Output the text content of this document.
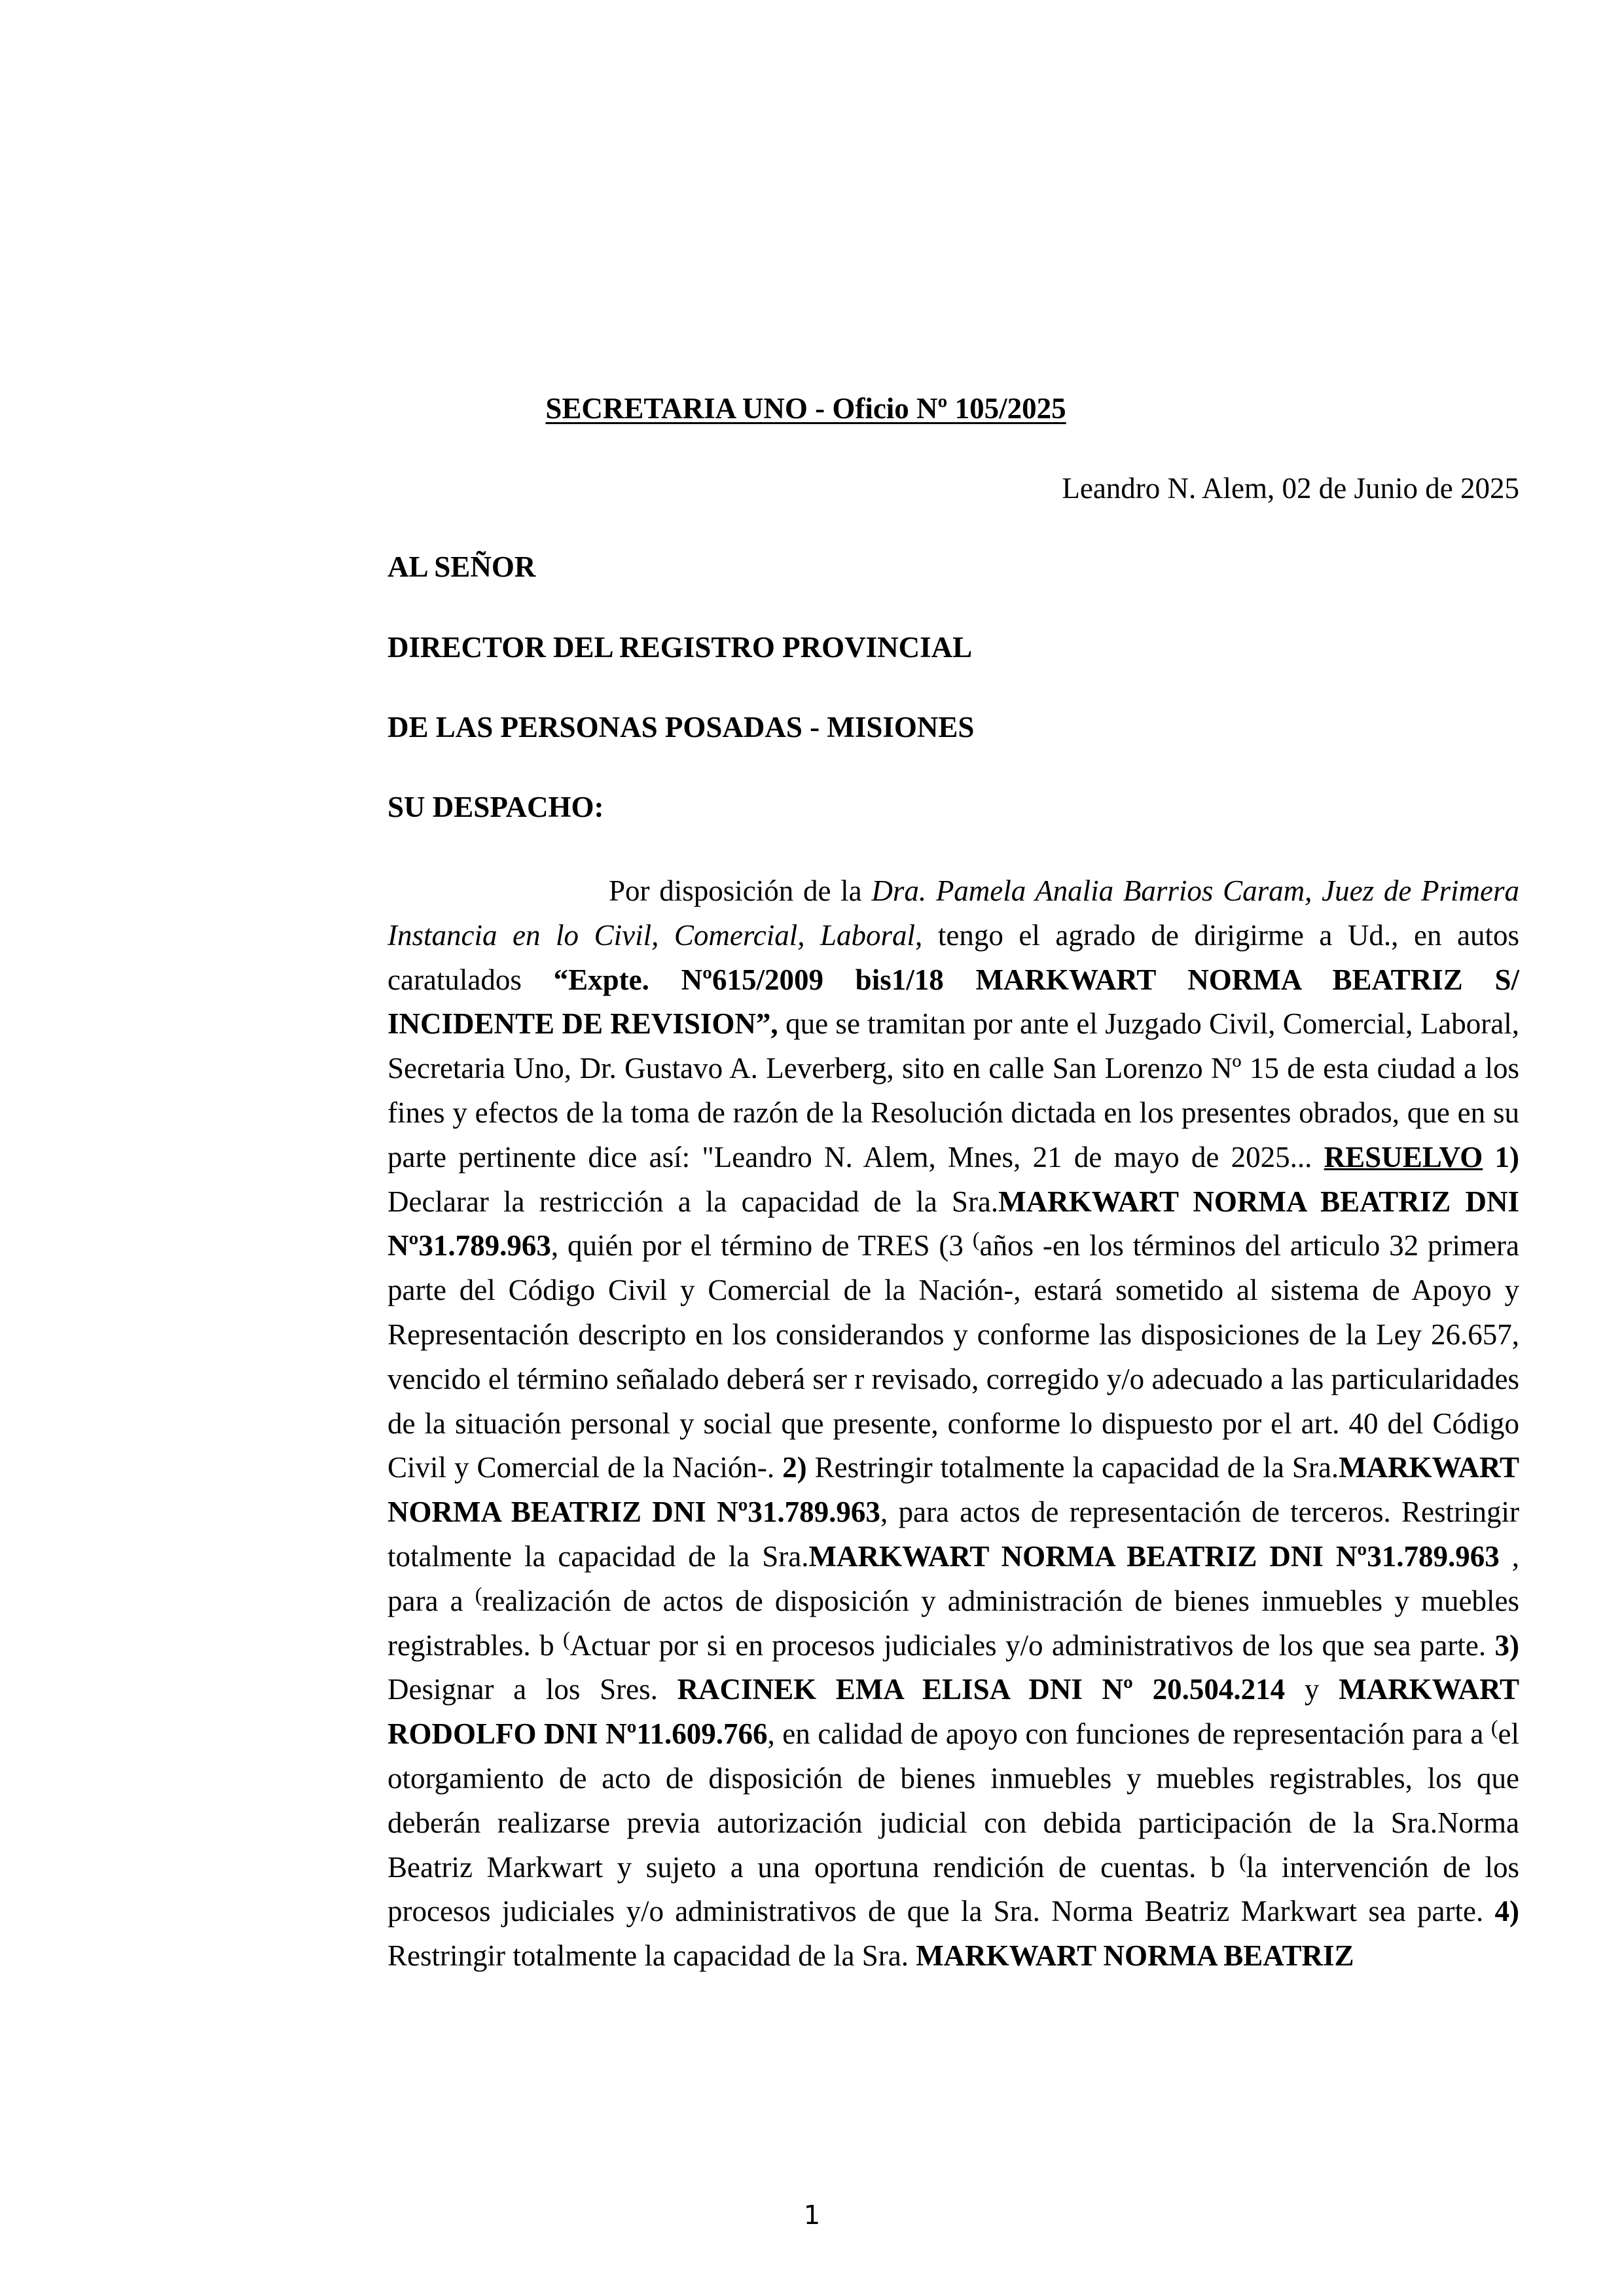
SECRETARIA UNO - Oficio Nº 105/2025
Leandro N. Alem, 02 de Junio de 2025

AL SEÑOR

DIRECTOR DEL REGISTRO PROVINCIAL

DE LAS PERSONAS POSADAS - MISIONES

SU DESPACHO:

Por disposición de la Dra. Pamela Analia Barrios Caram, Juez de Primera Instancia en lo Civil, Comercial, Laboral, tengo el agrado de dirigirme a Ud., en autos caratulados “Expte. Nº615/2009 bis1/18 MARKWART NORMA BEATRIZ S/ INCIDENTE DE REVISION”, que se tramitan por ante el Juzgado Civil, Comercial, Laboral, Secretaria Uno, Dr. Gustavo A. Leverberg, sito en calle San Lorenzo Nº 15 de esta ciudad a los fines y efectos de la toma de razón de la Resolución dictada en los presentes obrados, que en su parte pertinente dice así: "Leandro N. Alem, Mnes, 21 de mayo de 2025... RESUELVO 1) Declarar la restricción a la capacidad de la Sra.MARKWART NORMA BEATRIZ DNI Nº31.789.963, quién por el término de TRES (3 (años -en los términos del articulo 32 primera parte del Código Civil y Comercial de la Nación-, estará sometido al sistema de Apoyo y Representación descripto en los considerandos y conforme las disposiciones de la Ley 26.657, vencido el término señalado deberá ser r revisado, corregido y/o adecuado a las particularidades de la situación personal y social que presente, conforme lo dispuesto por el art. 40 del Código Civil y Comercial de la Nación-. 2) Restringir totalmente la capacidad de la Sra.MARKWART NORMA BEATRIZ DNI Nº31.789.963, para actos de representación de terceros. Restringir totalmente la capacidad de la Sra.MARKWART NORMA BEATRIZ DNI Nº31.789.963 , para a (realización de actos de disposición y administración de bienes inmuebles y muebles registrables. b (Actuar por si en procesos judiciales y/o administrativos de los que sea parte. 3) Designar a los Sres. RACINEK EMA ELISA DNI Nº 20.504.214 y MARKWART RODOLFO DNI Nº11.609.766, en calidad de apoyo con funciones de representación para a (el otorgamiento de acto de disposición de bienes inmuebles y muebles registrables, los que deberán realizarse previa autorización judicial con debida participación de la Sra.Norma Beatriz Markwart y sujeto a una oportuna rendición de cuentas. b (la intervención de los procesos judiciales y/o administrativos de que la Sra. Norma Beatriz Markwart sea parte. 4) Restringir totalmente la capacidad de la Sra. MARKWART NORMA BEATRIZ

1
